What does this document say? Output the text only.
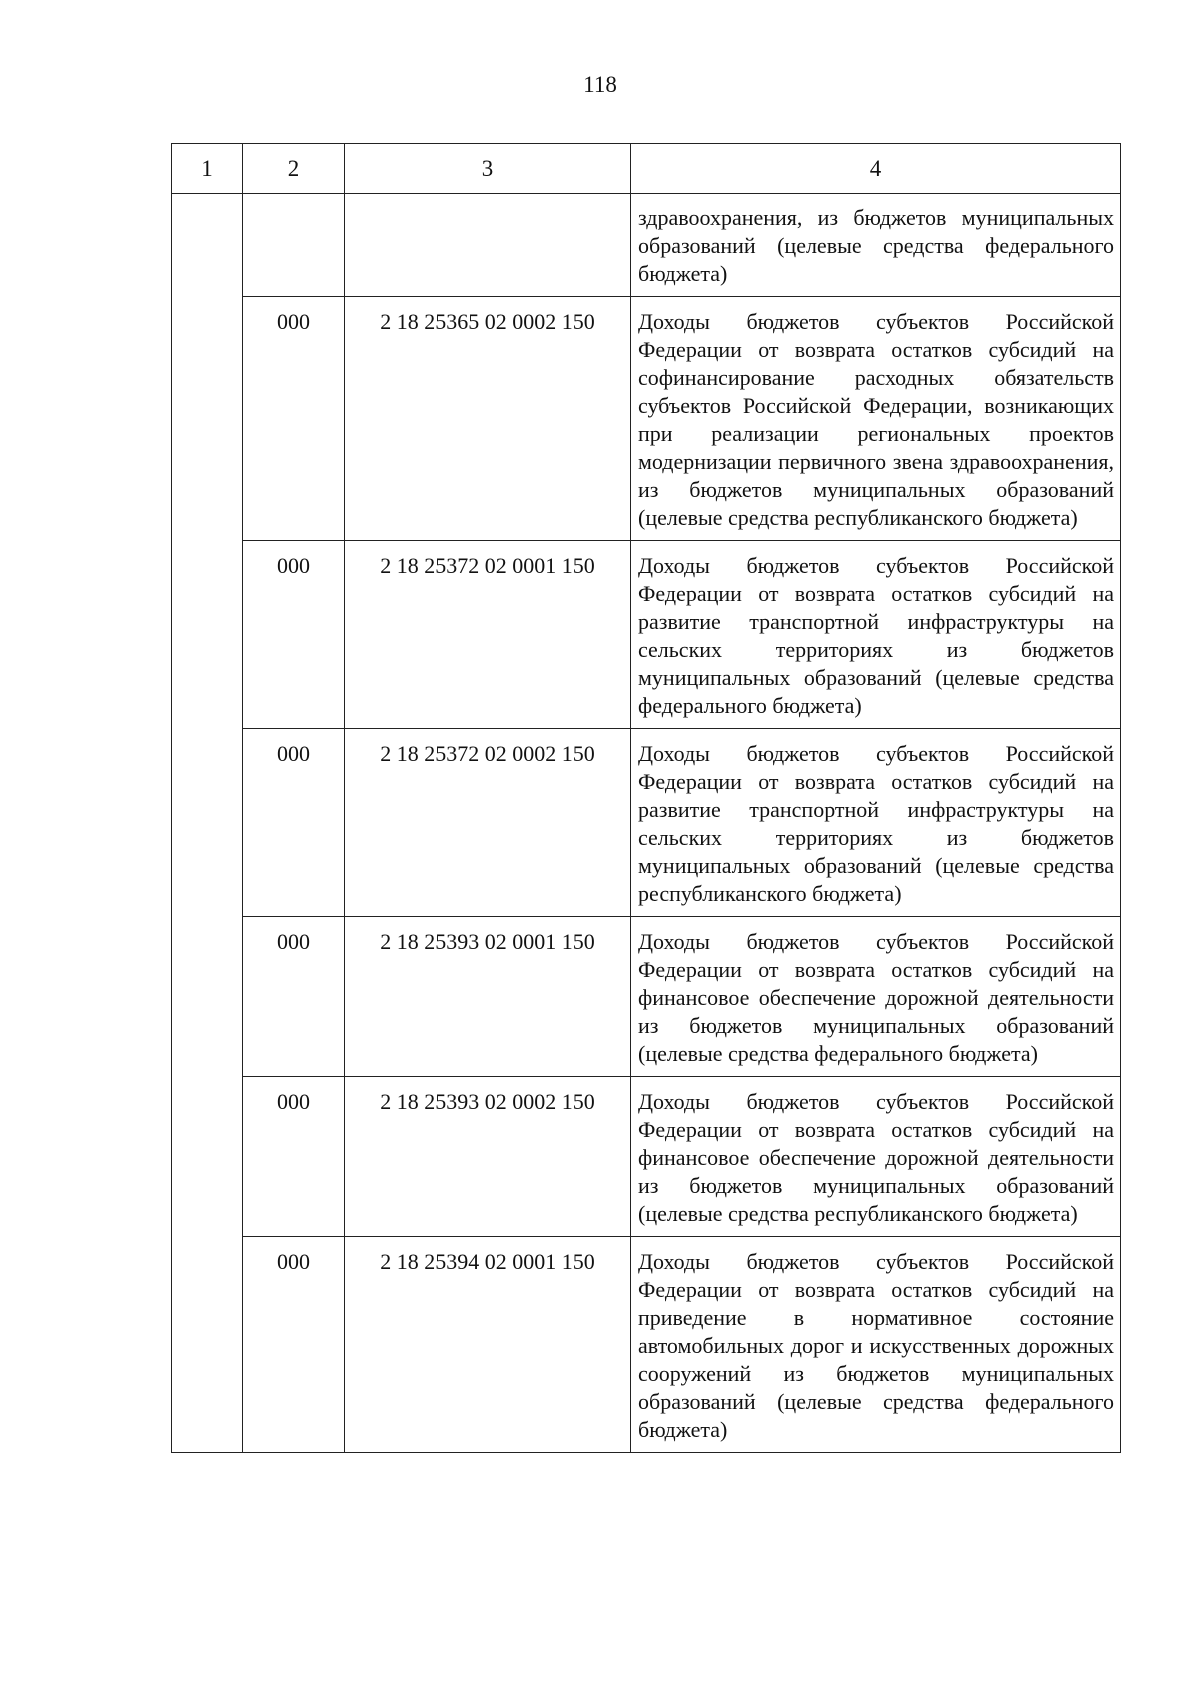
118
1	2	3	4
			здравоохранения, из бюджетов муниципальных образований (целевые средства федерального бюджета)
	000	2 18 25365 02 0002 150	Доходы бюджетов субъектов Российской Федерации от возврата остатков субсидий на софинансирование расходных обязательств субъектов Российской Федерации, возникающих при реализации региональных проектов модернизации первичного звена здравоохранения, из бюджетов муниципальных образований (целевые средства республиканского бюджета)
	000	2 18 25372 02 0001 150	Доходы бюджетов субъектов Российской Федерации от возврата остатков субсидий на развитие транспортной инфраструктуры на сельских территориях из бюджетов муниципальных образований (целевые средства федерального бюджета)
	000	2 18 25372 02 0002 150	Доходы бюджетов субъектов Российской Федерации от возврата остатков субсидий на развитие транспортной инфраструктуры на сельских территориях из бюджетов муниципальных образований (целевые средства республиканского бюджета)
	000	2 18 25393 02 0001 150	Доходы бюджетов субъектов Российской Федерации от возврата остатков субсидий на финансовое обеспечение дорожной деятельности из бюджетов муниципальных образований (целевые средства федерального бюджета)
	000	2 18 25393 02 0002 150	Доходы бюджетов субъектов Российской Федерации от возврата остатков субсидий на финансовое обеспечение дорожной деятельности из бюджетов муниципальных образований (целевые средства республиканского бюджета)
	000	2 18 25394 02 0001 150	Доходы бюджетов субъектов Российской Федерации от возврата остатков субсидий на приведение в нормативное состояние автомобильных дорог и искусственных дорожных сооружений из бюджетов муниципальных образований (целевые средства федерального бюджета)
